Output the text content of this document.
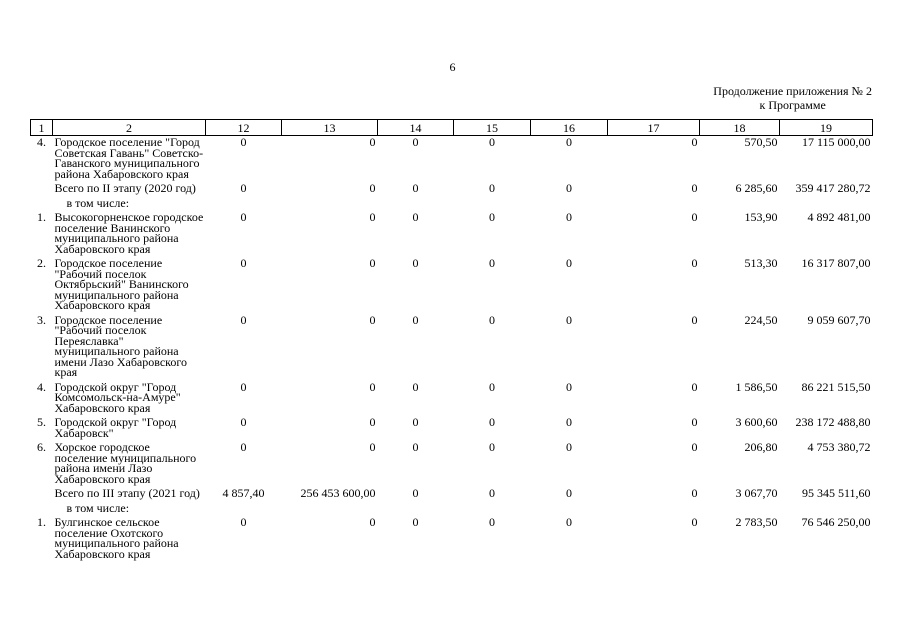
6
Продолжение приложения № 2
к Программе
1	2	12	13	14	15	16	17	18	19
4.	Городское поселение "Город Советская Гавань" Советско-Гаванского муниципального района Хабаровского края	0	0	0	0	0	0	570,50	17 115 000,00
	Всего по II этапу (2020 год)	0	0	0	0	0	0	6 285,60	359 417 280,72
	в том числе:								
1.	Высокогорненское городское поселение Ванинского муниципального района Хабаровского края	0	0	0	0	0	0	153,90	4 892 481,00
2.	Городское поселение "Рабочий поселок Октябрьский" Ванинского муниципального района Хабаровского края	0	0	0	0	0	0	513,30	16 317 807,00
3.	Городское поселение "Рабочий поселок Переяславка" муниципального района имени Лазо Хабаровского края	0	0	0	0	0	0	224,50	9 059 607,70
4.	Городской округ "Город Комсомольск-на-Амуре" Хабаровского края	0	0	0	0	0	0	1 586,50	86 221 515,50
5.	Городской округ "Город Хабаровск"	0	0	0	0	0	0	3 600,60	238 172 488,80
6.	Хорское городское поселение муниципального района имени Лазо Хабаровского края	0	0	0	0	0	0	206,80	4 753 380,72
	Всего по III этапу (2021 год)	4 857,40	256 453 600,00	0	0	0	0	3 067,70	95 345 511,60
	в том числе:								
1.	Булгинское сельское поселение Охотского муниципального района Хабаровского края	0	0	0	0	0	0	2 783,50	76 546 250,00
